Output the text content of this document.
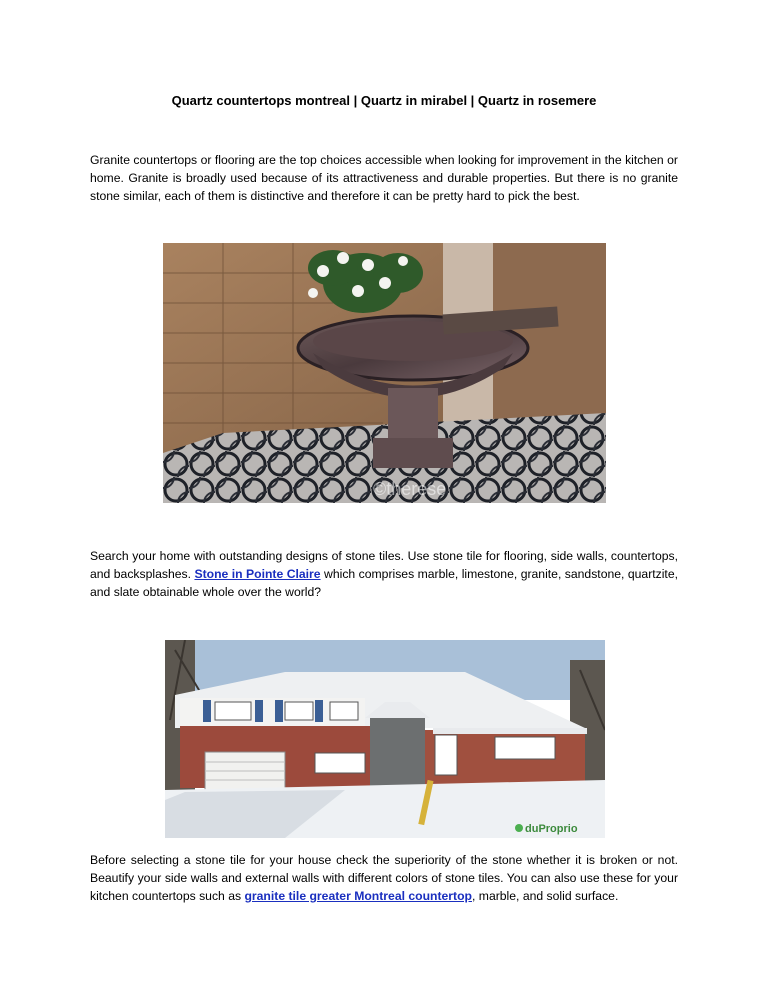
Quartz countertops montreal | Quartz in mirabel | Quartz in rosemere
Granite countertops or flooring are the top choices accessible when looking for improvement in the kitchen or home. Granite is broadly used because of its attractiveness and durable properties. But there is no granite stone similar, each of them is distinctive and therefore it can be pretty hard to pick the best.
©therese
Search your home with outstanding designs of stone tiles. Use stone tile for flooring, side walls, countertops, and backsplashes. Stone in Pointe Claire which comprises marble, limestone, granite, sandstone, quartzite, and slate obtainable whole over the world?
duProprio
Before selecting a stone tile for your house check the superiority of the stone whether it is broken or not. Beautify your side walls and external walls with different colors of stone tiles. You can also use these for your kitchen countertops such as granite tile greater Montreal countertop, marble, and solid surface.
